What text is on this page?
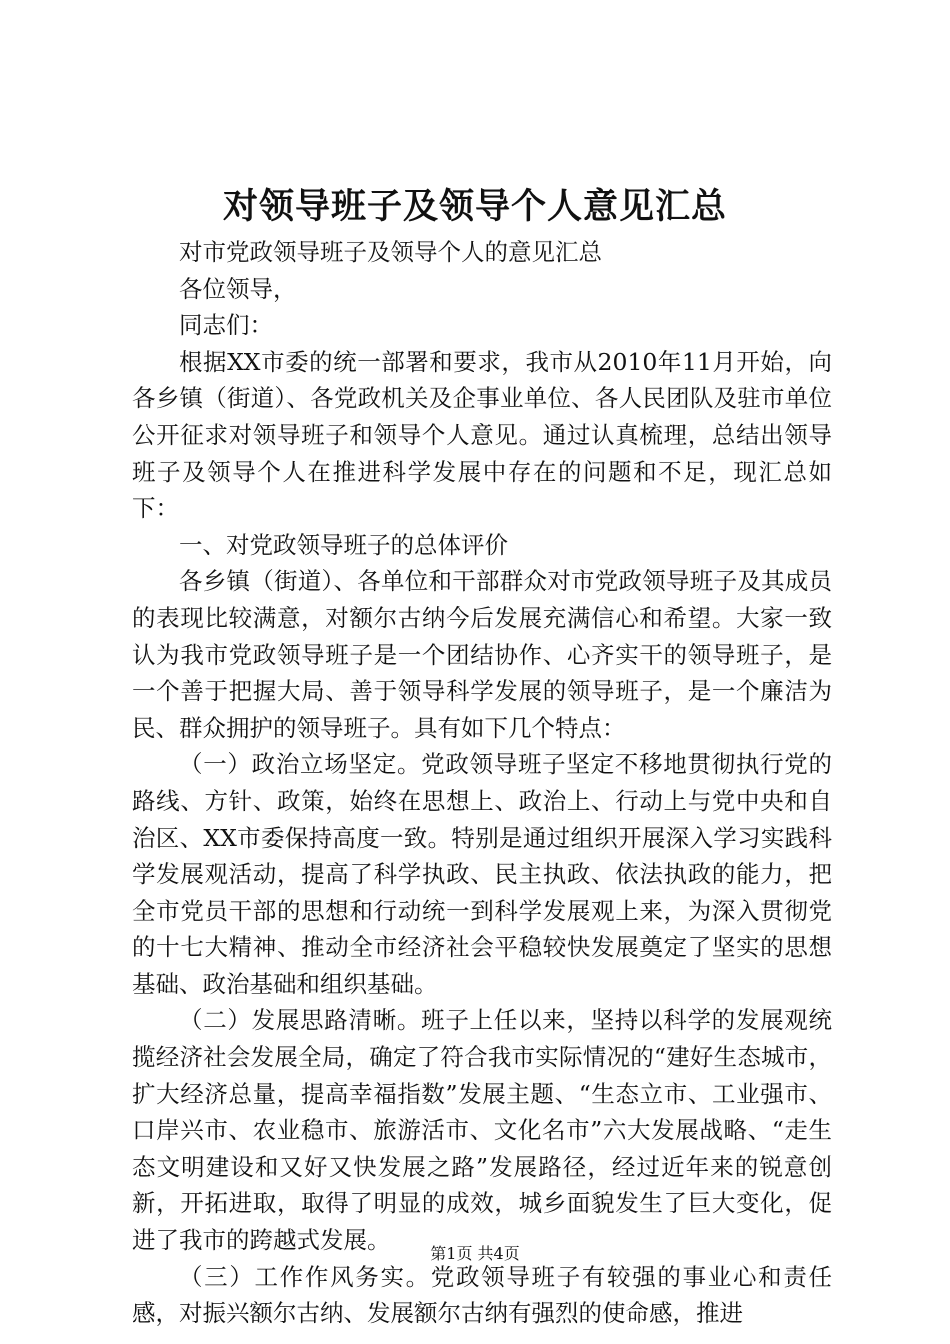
对领导班子及领导个人意见汇总

对市党政领导班子及领导个人的意见汇总

各位领导，

同志们：

根据XX市委的统一部署和要求，我市从2010年11月开始，向各乡镇（街道）、各党政机关及企事业单位、各人民团队及驻市单位公开征求对领导班子和领导个人意见。通过认真梳理，总结出领导班子及领导个人在推进科学发展中存在的问题和不足，现汇总如下：

一、对党政领导班子的总体评价

各乡镇（街道）、各单位和干部群众对市党政领导班子及其成员的表现比较满意，对额尔古纳今后发展充满信心和希望。大家一致认为我市党政领导班子是一个团结协作、心齐实干的领导班子，是一个善于把握大局、善于领导科学发展的领导班子，是一个廉洁为民、群众拥护的领导班子。具有如下几个特点：

（一）政治立场坚定。党政领导班子坚定不移地贯彻执行党的路线、方针、政策，始终在思想上、政治上、行动上与党中央和自治区、XX市委保持高度一致。特别是通过组织开展深入学习实践科学发展观活动，提高了科学执政、民主执政、依法执政的能力，把全市党员干部的思想和行动统一到科学发展观上来，为深入贯彻党的十七大精神、推动全市经济社会平稳较快发展奠定了坚实的思想基础、政治基础和组织基础。

（二）发展思路清晰。班子上任以来，坚持以科学的发展观统揽经济社会发展全局，确定了符合我市实际情况的“建好生态城市，扩大经济总量，提高幸福指数”发展主题、“生态立市、工业强市、口岸兴市、农业稳市、旅游活市、文化名市”六大发展战略、“走生态文明建设和又好又快发展之路”发展路径，经过近年来的锐意创新，开拓进取，取得了明显的成效，城乡面貌发生了巨大变化，促进了我市的跨越式发展。

（三）工作作风务实。党政领导班子有较强的事业心和责任感，对振兴额尔古纳、发展额尔古纳有强烈的使命感，推进

第1页 共4页
